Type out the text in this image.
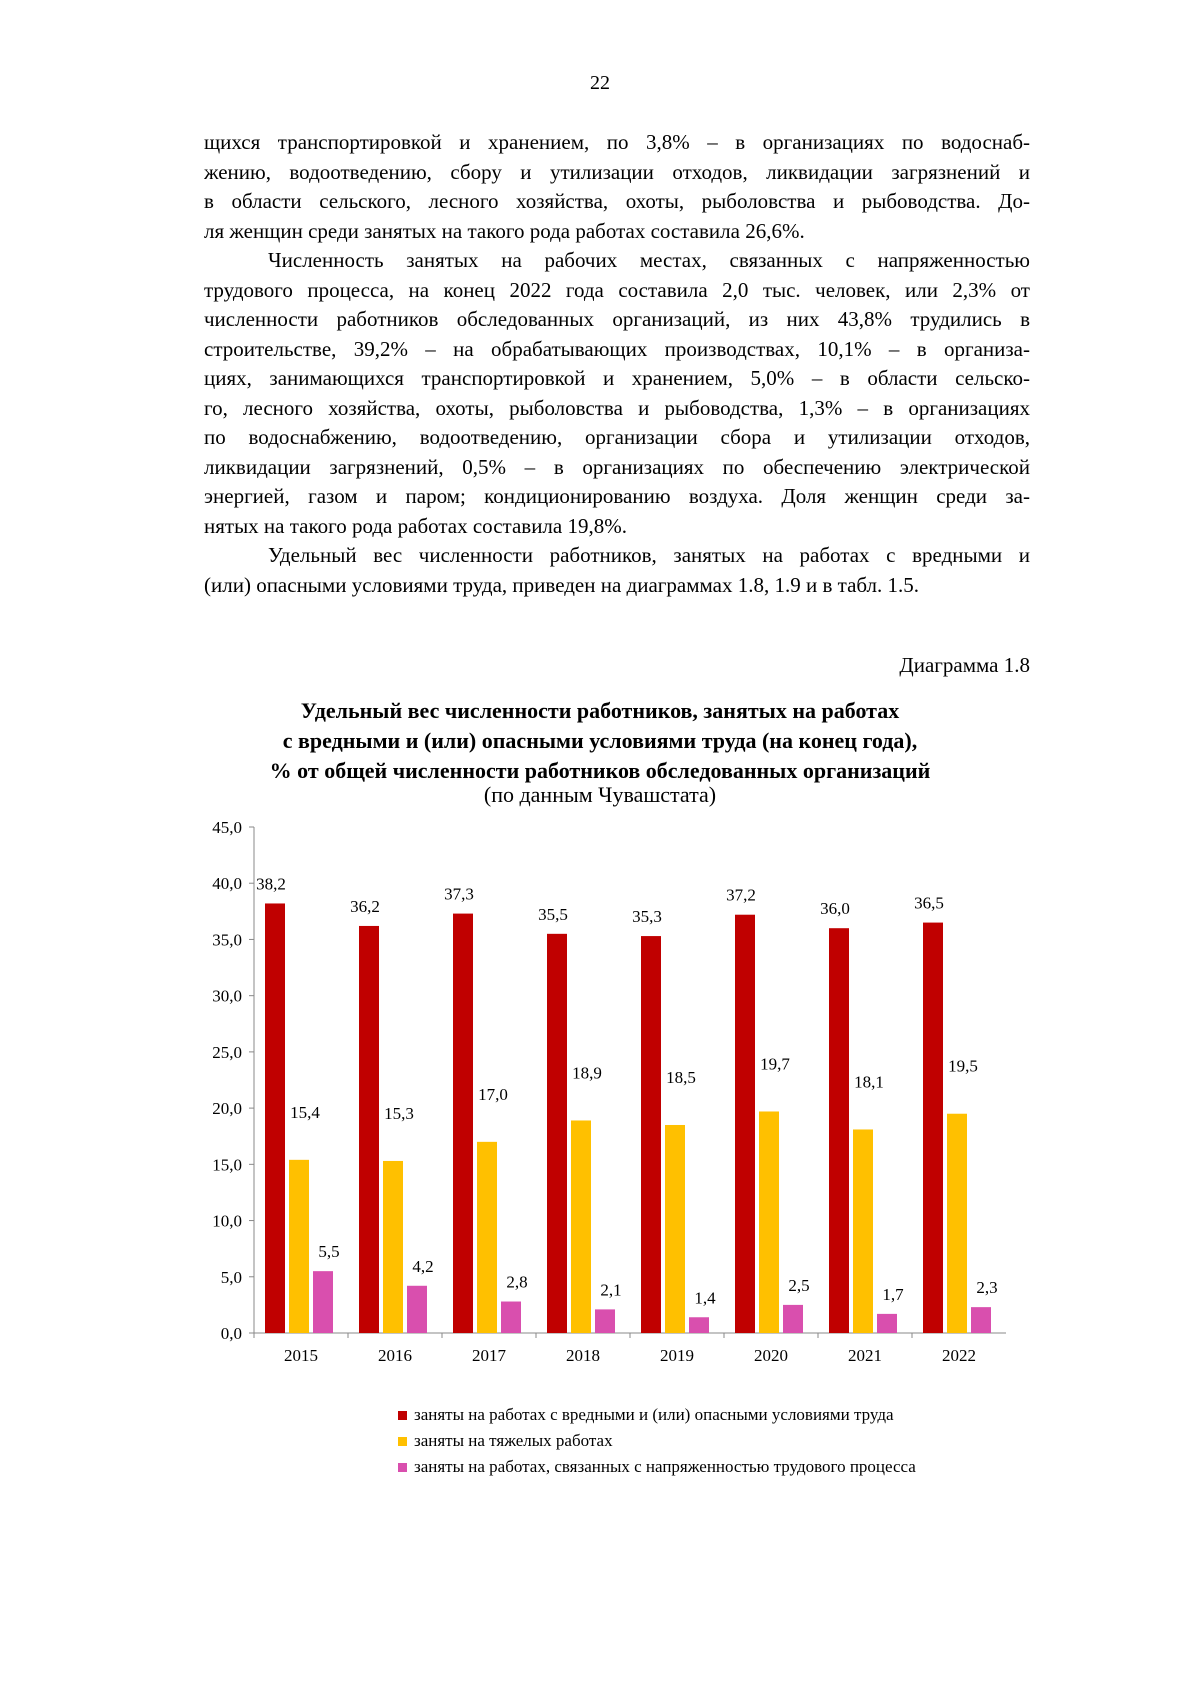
22
щихся транспортировкой и хранением, по 3,8% – в организациях по водоснаб-
жению, водоотведению, сбору и утилизации отходов, ликвидации загрязнений и
в области сельского, лесного хозяйства, охоты, рыболовства и рыбоводства. До-
ля женщин среди занятых на такого рода работах составила 26,6%.
Численность занятых на рабочих местах, связанных с напряженностью
трудового процесса, на конец 2022 года составила 2,0 тыс. человек, или 2,3% от
численности работников обследованных организаций, из них 43,8% трудились в
строительстве, 39,2% – на обрабатывающих производствах, 10,1% – в организа-
циях, занимающихся транспортировкой и хранением, 5,0% – в области сельско-
го, лесного хозяйства, охоты, рыболовства и рыбоводства, 1,3% – в организациях
по водоснабжению, водоотведению, организации сбора и утилизации отходов,
ликвидации загрязнений, 0,5% – в организациях по обеспечению электрической
энергией, газом и паром; кондиционированию воздуха. Доля женщин среди за-
нятых на такого рода работах составила 19,8%.
Удельный вес численности работников, занятых на работах с вредными и
(или) опасными условиями труда, приведен на диаграммах 1.8, 1.9 и в табл. 1.5.
Диаграмма 1.8
Удельный вес численности работников, занятых на работах
с вредными и (или) опасными условиями труда (на конец года),
% от общей численности работников обследованных организаций
(по данным Чувашстата)
0,0
5,0
10,0
15,0
20,0
25,0
30,0
35,0
40,0
45,0
38,2
15,4
5,5
2015
36,2
15,3
4,2
2016
37,3
17,0
2,8
2017
35,5
18,9
2,1
2018
35,3
18,5
1,4
2019
37,2
19,7
2,5
2020
36,0
18,1
1,7
2021
36,5
19,5
2,3
2022
заняты на работах с вредными и (или) опасными условиями труда
заняты на тяжелых работах
заняты на работах, связанных с напряженностью трудового процесса
